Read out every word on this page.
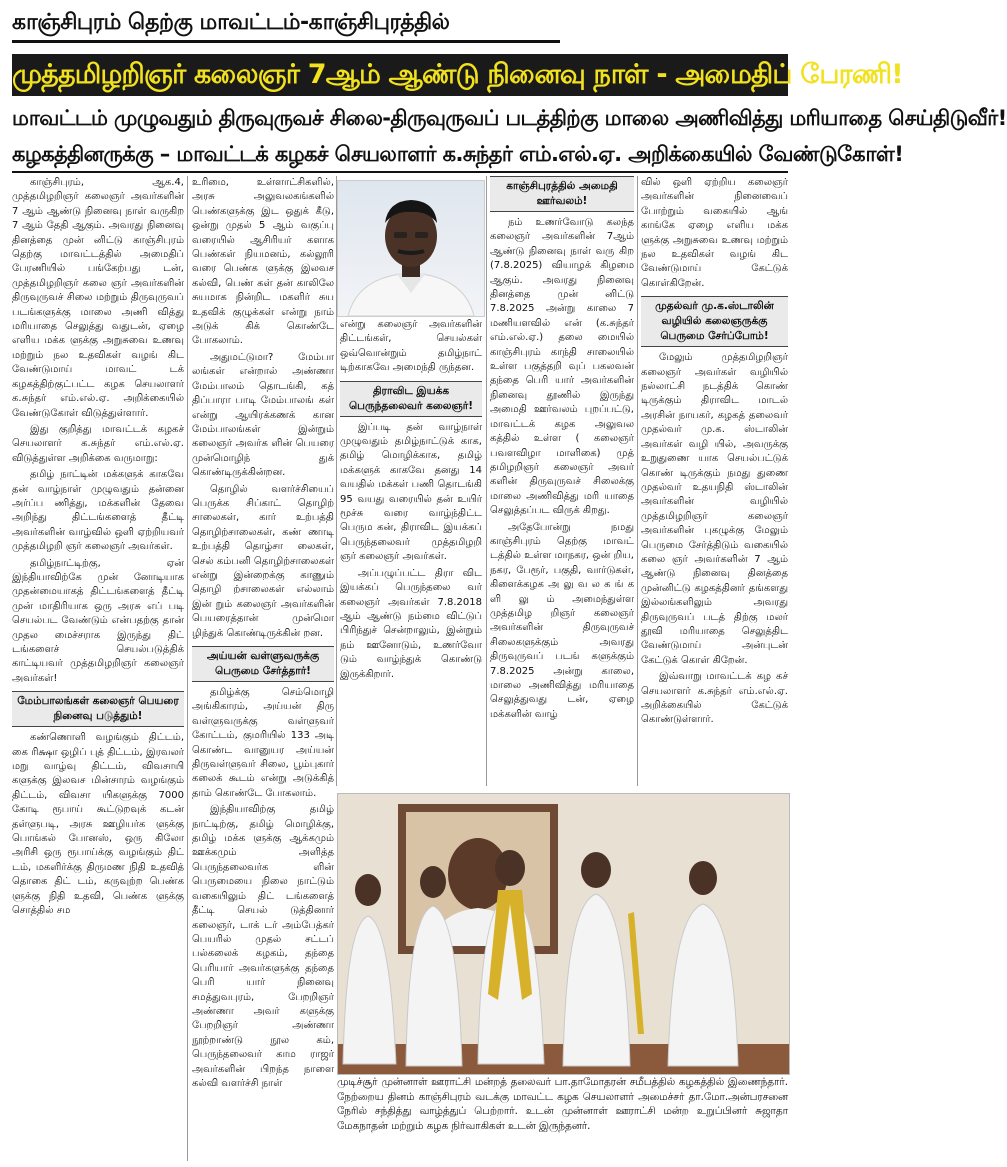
காஞ்சிபுரம் தெற்கு மாவட்டம்-காஞ்சிபுரத்தில்
முத்தமிழறிஞர் கலைஞர் 7ஆம் ஆண்டு நினைவு நாள் - அமைதிப் பேரணி!
மாவட்டம் முழுவதும் திருவுருவச் சிலை-திருவுருவப் படத்திற்கு மாலை அணிவித்து மரியாதை செய்திடுவீர்!
கழகத்தினருக்கு – மாவட்டக் கழகச் செயலாளர் க.சுந்தர் எம்.எல்.ஏ. அறிக்கையில் வேண்டுகோள்!

காஞ்சிபுரம், ஆக.4, முத்தமிழறிஞர் கலைஞர் அவர்களின் 7 ஆம் ஆண்டு நினைவு நாள் வருகிற 7 ஆம் தேதி ஆகும். அவரது நினைவு தினத்தை முன் னிட்டு காஞ்சிபுரம் தெற்கு மாவட்டத்தில் அமைதிப் பேரணியில் பங்கேற்பது டன், முத்தமிழறிஞர் கலை ஞர் அவர்களின் திருவுருவச் சிலை மற்றும் திருவுருவப் படங்களுக்கு மாலை அணி வித்து மரியாதை செலுத்து வதுடன், ஏழை எளிய மக்க ளுக்கு அறுசுவை உணவு மற்றும் நல உதவிகள் வழங் கிட வேண்டுமாய் மாவட் டக் கழகத்திற்குட்பட்ட கழக செயலாளர் க.சுந்தர் எம்.எல்.ஏ. அறிக்கையில் வேண்டுகோள் விடுத்துள்ளார்.

இது குறித்து மாவட்டக் கழகச் செயலாளர் க.சுந்தர் எம்.எல்.ஏ. விடுத்துள்ள அறிக்கை வருமாறு:

தமிழ் நாட்டின் மக்களுக் காகவே தன் வாழ்நாள் முழுவதும் தன்னை அர்ப்ப ணித்து, மக்களின் தேவை அறிந்து திட்டங்களைத் தீட்டி அவர்களின் வாழ்வில் ஒளி ஏற்றியவர் முத்தமிழறி ஞர் கலைஞர் அவர்கள்.

தமிழ்நாட்டிற்கு, ஏன் இந்தியாவிற்கே முன் னோடியாக முதன்மையாகத் திட்டங்களைத் தீட்டி முன் மாதிரியாக ஒரு அரசு எப் படி செயல்பட வேண்டும் என்பதற்கு தான் முதல மைச்சராக இருந்து திட் டங்களைச் செயல்படுத்திக் காட்டியவர் முத்தமிழறிஞர் கலைஞர் அவர்கள்!

மேம்பாலங்கள் கலைஞர் பெயரை நினைவு படுத்தும்!

கண்ணொளி வழங்கும் திட்டம், கை ரிக்ஷா ஒழிப் புத் திட்டம், இரவலர் மறு வாழ்வு திட்டம், விவசாயி களுக்கு இலவச மின்சாரம் வழங்கும் திட்டம், விவசா யிகளுக்கு 7000 கோடி ரூபாய் கூட்டுறவுக் கடன் தள்ளுபடி, அரசு ஊழியர்க ளுக்கு பொங்கல் போனஸ், ஒரு கிலோ அரிசி ஒரு ரூபாய்க்கு வழங்கும் திட் டம், மகளிர்க்கு திருமண நிதி உதவித் தொகை திட் டம், கருவுற்ற பெண்க ளுக்கு நிதி உதவி, பெண்க ளுக்கு சொத்தில் சம

உரிமை, உள்ளாட்சிகளில், அரசு அலுவலகங்களில் பெண்களுக்கு இட ஒதுக் கீடு, ஒன்று முதல் 5 ஆம் வகுப்பு வரையில் ஆசிரியர் களாக பெண்கள் நியமனம், கல்லூரி வரை பெண்க ளுக்கு இலவச கல்வி, பெண் கள் தன் காலிலே சுயமாக நின்றிட மகளிர் சுய உதவிக் குழுக்கள் என்று நாம் அடுக் கிக் கொண்டே போகலாம்.

அதுமட்டுமா? மேம்பா லங்கள் என்றால் அண்ணா மேம்பாலம் தொடங்கி, கத் திப்பாரா பாடி மேம்பாலங் கள் என்று ஆயிரக்கணக் கான மேம்பாலங்கள் இன்றும் கலைஞர் அவர்க ளின் பெயரை முன்மொழிந் துக் கொண்டிருக்கின்றன.

தொழில் வளர்ச்சியைப் பெருக்க சிப்காட் தொழிற் சாலைகள், கார் உற்பத்தி தொழிற்சாலைகள், கண் ணாடி உற்பத்தி தொழ்சா லைகள், செல் கம்பனி தொழிற்சாலைகள் என்று இன்றைக்கு காணும் தொழி ற்சாலைகள் எல்லாம் இன் றும் கலைஞர் அவர்களின் பெயரைத்தான் முன்மொ ழிந்துக் கொண்டிருக்கின் றன.

அய்யன் வள்ளுவருக்கு பெருமை சேர்த்தார்!

தமிழ்க்கு செம்மொழி அங்கிகாரம், அய்யன் திரு வள்ளுவருக்கு வள்ளுவர் கோட்டம், குமரியில் 133 அடி கொண்ட வானுயர அய்யன் திருவள்ளுவர் சிலை, பூம்புகார் கலைக் கூடம் என்று அடுக்கித் தாம் கொண்டே போகலாம்.

இந்தியாவிற்கு தமிழ் நாட்டிற்கு, தமிழ் மொழிக்கு, தமிழ் மக்க ளுக்கு ஆக்கமும் ஊக்கமும் அளித்த பெருந்தலைவர்க ளின் பெருமையை நிலை நாட்டும் வகையிலும் திட் டங்களைத் தீட்டி செயல் டுத்தினார் கலைஞர், டாக் டர் அம்பேத்கர் பெயரில் முதல் சட்டப் பல்கலைக் கழகம், தந்தை பெரியார் அவர்களுக்கு தந்தை பெரி யார் நினைவு சமத்துவபுரம், பேறறிஞர் அண்ணா அவர் களுக்கு பேறறிஞர் அண்ணா நூற்றாண்டு நூல கம், பெருந்தலைவர் காம ராஜர் அவர்களின் பிறந்த நாளை கல்வி வளர்ச்சி நாள்

என்று கலைஞர் அவர்களின் திட்டங்கள், செயல்கள் ஒவ்வொன்றும் தமிழ்நாட் டிற்காகவே அமைந்தி ருந்தன.

திராவிட இயக்க பெருந்தலைவர் கலைஞர்!

இப்படி தன் வாழ்நாள் முழுவதும் தமிழ்நாட்டுக் காக, தமிழ் மொழிக்காக, தமிழ் மக்களுக் காகவே தனது 14 வயதில் மக்கள் பணி தொடங்கி 95 வயது வரையில் தன் உயிர் மூச்சு வரை வாழ்ந்திட்ட பெரும கன், திராவிட இயக்கப் பெருந்தலைவர் முத்தமிழறி ஞர் கலைஞர் அவர்கள்.

அப்பழுப்பட்ட திரா விட இயக்கப் பெருந்தலை வர் கலைஞர் அவர்கள் 7.8.2018 ஆம் ஆண்டு நம்மை விட்டுப் பிரிந்துச் சென்றாலும், இன்றும் நம் ஊனோடும், உணர்வோ டும் வாழ்ந்துக் கொண்டு இருக்கிறார்.

காஞ்சிபுரத்தில் அமைதி ஊர்வலம்!

நம் உணர்வோடு கலந்த கலைஞர் அவர்களின் 7ஆம் ஆண்டு நினைவு நாள் வரு கிற (7.8.2025) வியாழக் கிழமை ஆகும். அவரது நினைவு தினத்தை முன் னிட்டு 7.8.2025 அன்று காலை 7 மணியளவில் என் (க.சுந்தர் எம்.எல்.ஏ.) தலை மையில் காஞ்சிபுரம் காந்தி சாலையில் உள்ள பகுத்தறி வுப் பகலவன் தந்தை பெரி யார் அவர்களின் நினைவு தூணில் இருந்து அமைதி ஊர்வலம் புறப்பட்டு, மாவட்டக் கழக அலுவல கத்தில் உள்ள ( கலைஞர் பவளவிழா மாளிகை) முத் தமிழறிஞர் கலைஞர் அவர் களின் திருவுருவச் சிலைக்கு மாலை அணிவித்து மரி யாதை செலுத்தப்பட விருக் கிறது.

அதேபோன்று நமது காஞ்சிபுரம் தெற்கு மாவட் டத்தில் உள்ள மாநகர, ஒன் றிய, நகர, பேரூர், பகுதி, வார்டுகள், கிளைக்கழக அ லு வ ல க ங் க ளி லு ம் அமைந்துள்ள முத்தமிழ றிஞர் கலைஞர் அவர்களின் திருவுருவச் சிலைகளுக்கும் அவரது திருவுருவப் படங் களுக்கும் 7.8.2025 அன்று காலை, மாலை அணிவித்து மரியாதை செலுத்துவது டன், ஏழை மக்களின் வாழ்

வில் ஒளி ஏற்றிய கலைஞர் அவர்களின் நினைவைப் போற்றும் வகையில் ஆங் காங்கே ஏழை எளிய மக்க ளுக்கு அறுசுவை உணவு மற்றும் நல உதவிகள் வழங் கிட வேண்டுமாய் கேட்டுக் கொள்கிறேன்.

முதல்வர் மு.க.ஸ்டாலின் வழியில் கலைஞருக்கு பெருமை சேர்ப்போம்!

மேலும் முத்தமிழறிஞர் கலைஞர் அவர்கள் வழியில் நல்லாட்சி நடத்திக் கொண் டிருக்கும் திராவிட மாடல் அரசின் நாயகர், கழகத் தலைவர் முதல்வர் மு.க. ஸ்டாலின் அவர்கள் வழி யில், அவருக்கு உறுதுணை யாக செயல்பட்டுக் கொண் டிருக்கும் நமது துணை முதல்வர் உதயநிதி ஸ்டாலின் அவர்களின் வழியில் முத்தமிழறிஞர் கலைஞர் அவர்களின் புகழுக்கு மேலும் பெருமை சேர்த்திடும் வகையில் கலை ஞர் அவர்களின் 7 ஆம் ஆண்டு நினைவு தினத்தை முன்னிட்டு கழகத்தினர் தங்களது இல்லங்களிலும் அவரது திருவுருவப் படத் திற்கு மலர் தூவி மரியாதை செலுத்திட வேண்டுமாய் அன்புடன் கேட்டுக் கொள் கிறேன்.

இவ்வாறு மாவட்டக் கழ கச் செயலாளர் க.சுந்தர் எம்.எல்.ஏ. அறிக்கையில் கேட்டுக் கொண்டுள்ளார்.

முடிச்சூர் முன்னாள் ஊராட்சி மன்றத் தலைவர் பா.தாமோதரன் சமீபத்தில் கழகத்தில் இணைந்தார். நேற்றைய தினம் காஞ்சிபுரம் வடக்கு மாவட்ட கழக செயலாளர் அமைச்சர் தா.மோ.அன்பரசனை நேரில் சந்தித்து வாழ்த்துப் பெற்றார். உடன் முன்னாள் ஊராட்சி மன்ற உறுப்பினர் சுஜாதா மேகநாதன் மற்றும் கழக நிர்வாகிகள் உடன் இருந்தனர்.
